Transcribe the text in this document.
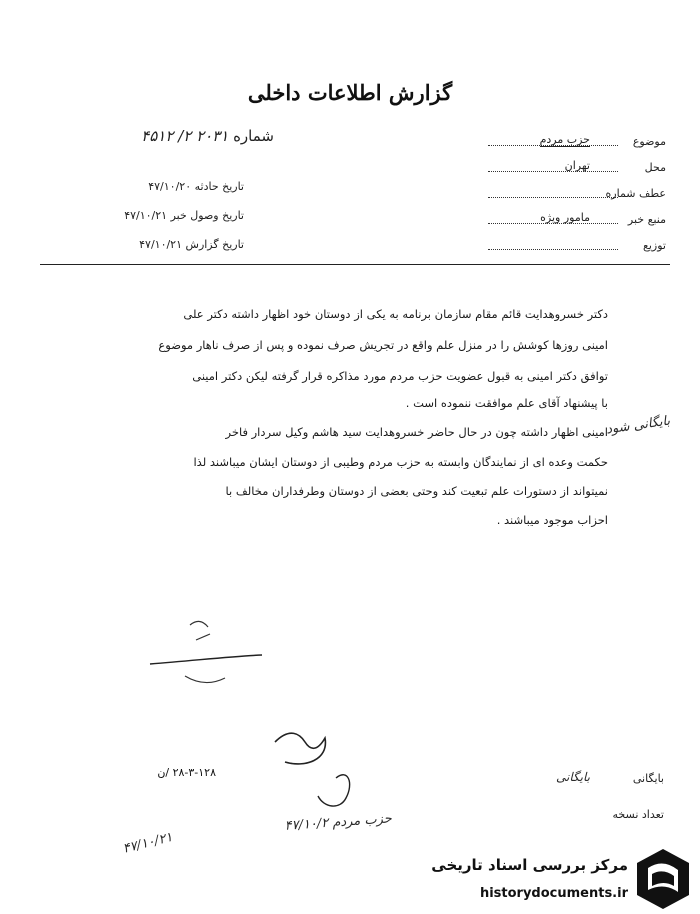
گزارش اطلاعات داخلی
موضوع
حزب مردم
محل
تهران
عطف شماره
منبع خبر
مامور ویژه
توزیع
شماره ۲۰۳۱ ۲/ ۴۵۱۲
تاریخ حادثه ۴۷/۱۰/۲۰
تاریخ وصول خبر ۴۷/۱۰/۲۱
تاریخ گزارش ۴۷/۱۰/۲۱
دکتر خسروهدایت قائم مقام سازمان برنامه به یکی از دوستان خود اظهار داشته دکتر علی
امینی روزها کوشش را در منزل علم واقع در تجریش صرف نموده و پس از صرف ناهار موضوع
توافق دکتر امینی به قبول عضویت حزب مردم مورد مذاکره قرار گرفته لیکن دکتر امینی
با پیشنهاد آقای علم موافقت ننموده است .
امینی اظهار داشته چون در حال حاضر خسروهدایت سید هاشم وکیل سردار فاخر
حکمت وعده ای از نمایندگان وابسته به حزب مردم وطیبی از دوستان ایشان میباشند لذا
نمیتواند از دستورات علم تبعیت کند وحتی بعضی از دوستان وطرفداران مخالف با
احزاب موجود میباشند .
بایگانی شود
بایگانی
بایگانی
تعداد نسخه
۲۸-۳-۱۲۸ /ن
حزب مردم ۴۷/۱۰/۲
۴۷/۱۰/۲۱
مرکز بررسی اسناد تاریخی
historydocuments.ir
